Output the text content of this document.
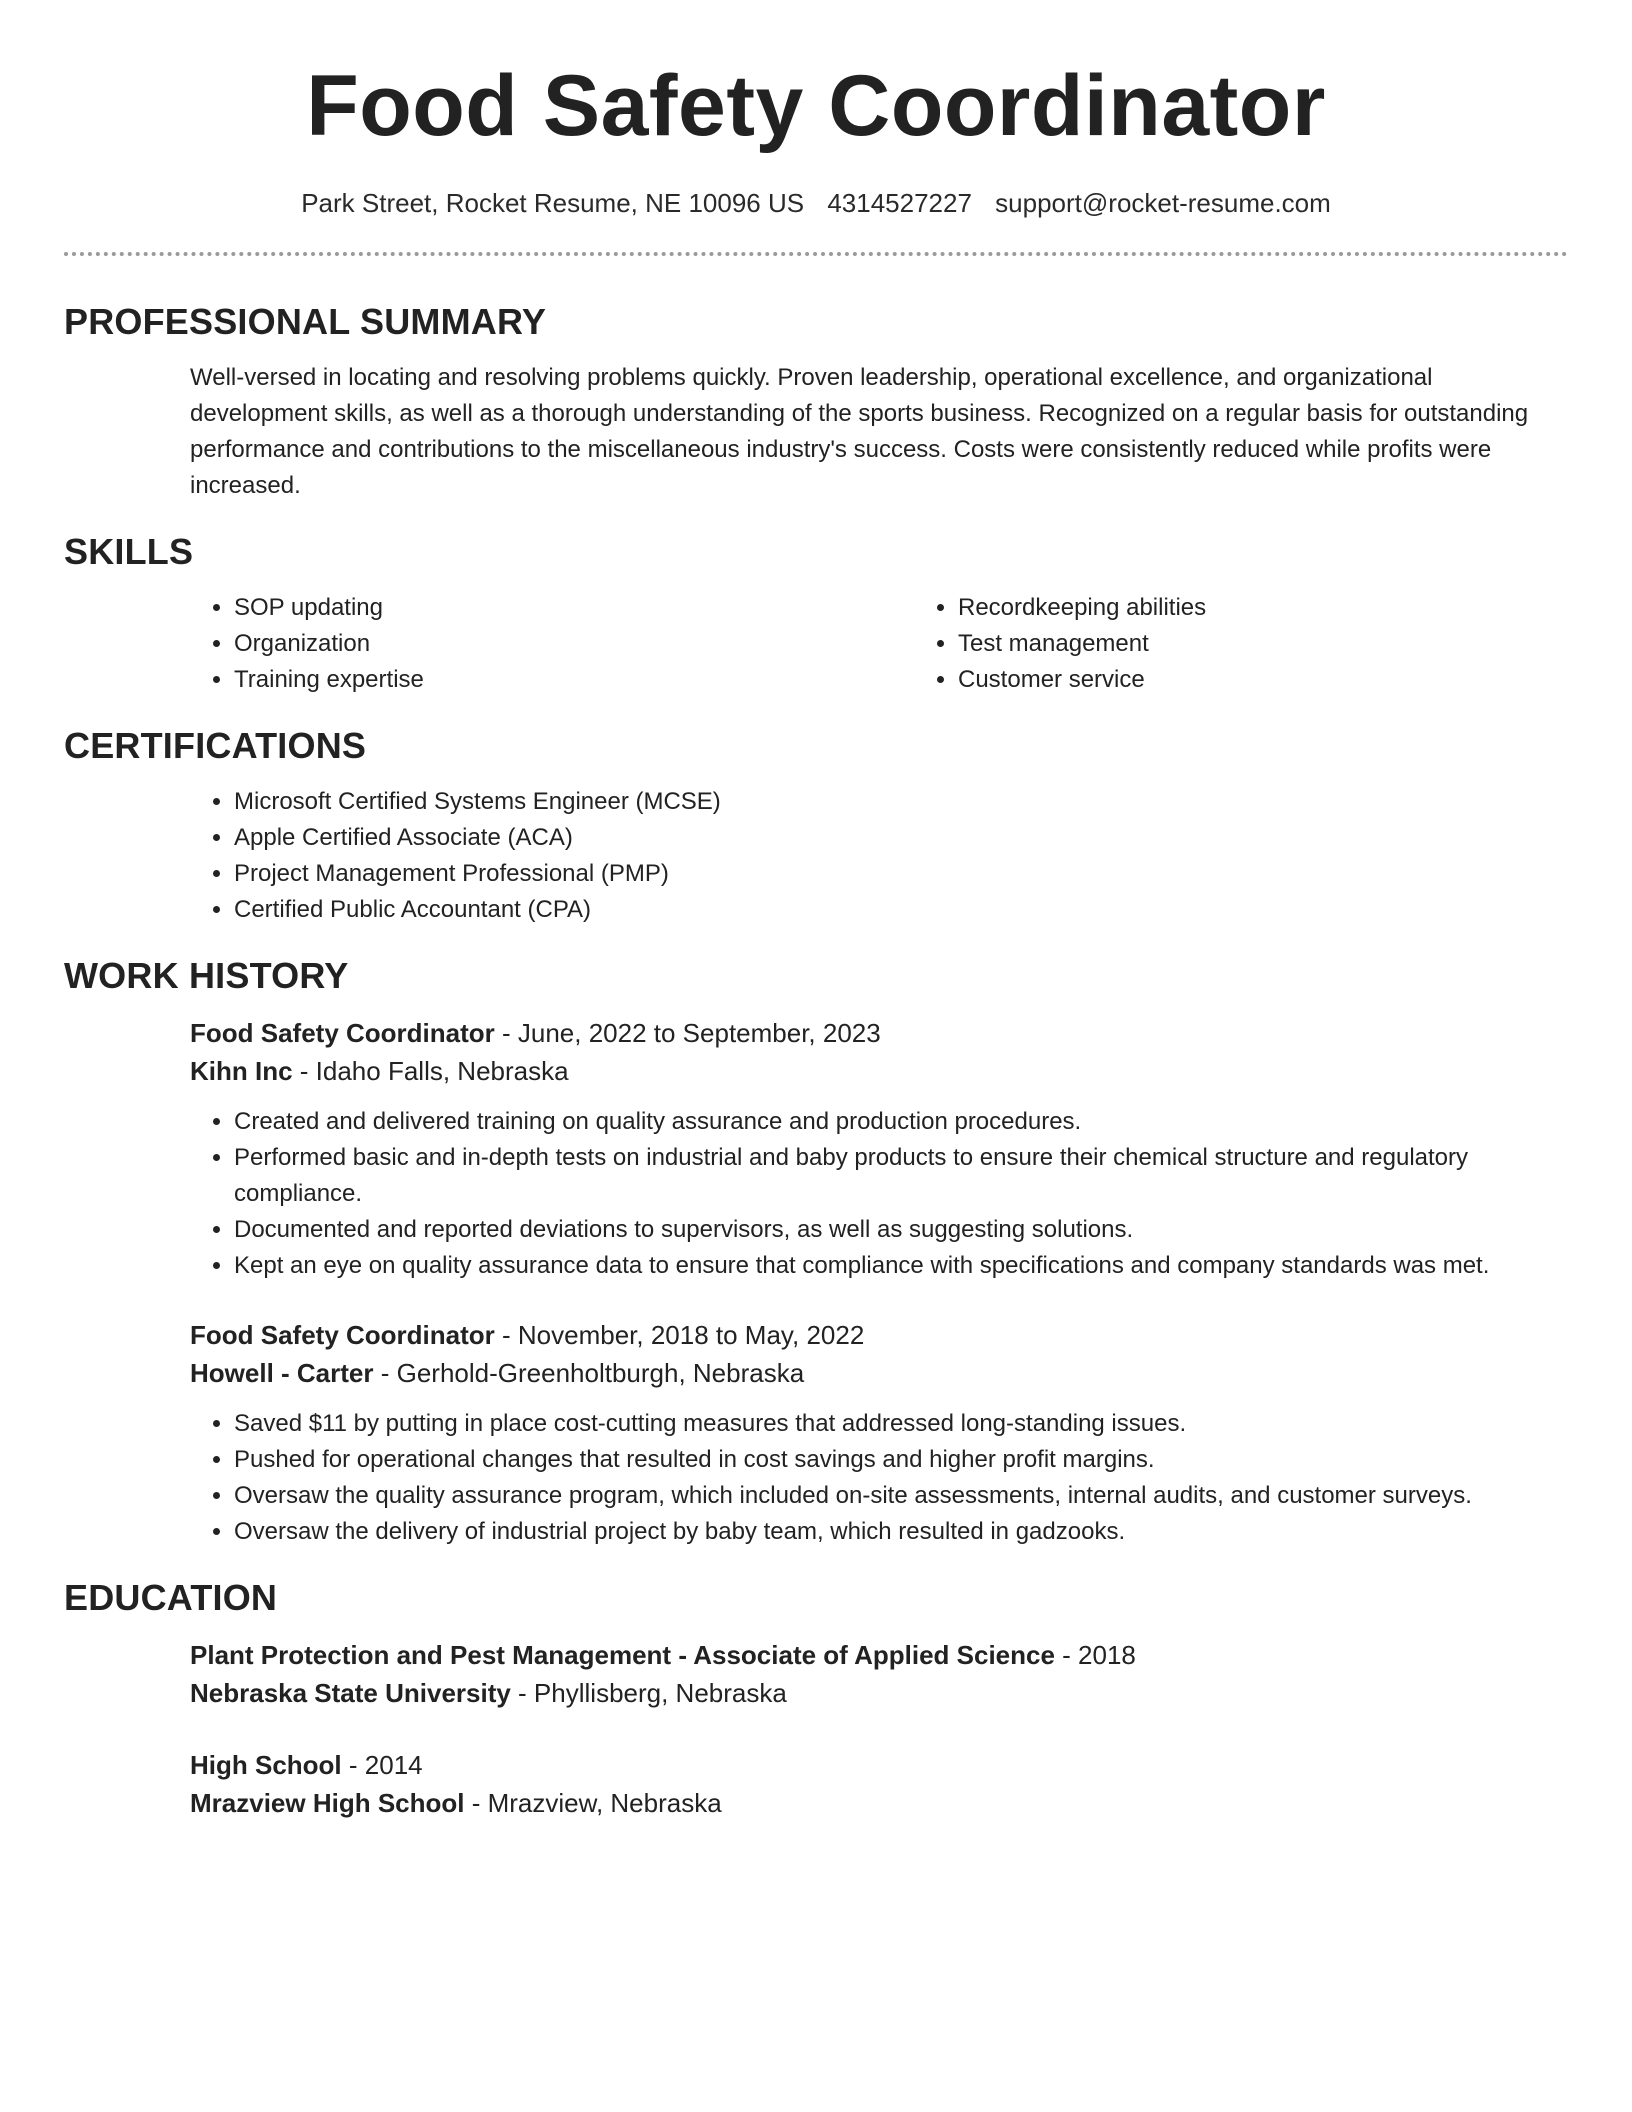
Food Safety Coordinator
Park Street, Rocket Resume, NE 10096 US 4314527227 support@rocket-resume.com
PROFESSIONAL SUMMARY

Well-versed in locating and resolving problems quickly. Proven leadership, operational excellence, and organizational development skills, as well as a thorough understanding of the sports business. Recognized on a regular basis for outstanding performance and contributions to the miscellaneous industry's success. Costs were consistently reduced while profits were increased.

SKILLS
• SOP updating
• Organization
• Training expertise
• Recordkeeping abilities
• Test management
• Customer service
CERTIFICATIONS
• Microsoft Certified Systems Engineer (MCSE)
• Apple Certified Associate (ACA)
• Project Management Professional (PMP)
• Certified Public Accountant (CPA)
WORK HISTORY

Food Safety Coordinator - June, 2022 to September, 2023

Kihn Inc - Idaho Falls, Nebraska

• Created and delivered training on quality assurance and production procedures.
• Performed basic and in-depth tests on industrial and baby products to ensure their chemical structure and regulatory compliance.
• Documented and reported deviations to supervisors, as well as suggesting solutions.
• Kept an eye on quality assurance data to ensure that compliance with specifications and company standards was met.

Food Safety Coordinator - November, 2018 to May, 2022

Howell - Carter - Gerhold-Greenholtburgh, Nebraska

• Saved $11 by putting in place cost-cutting measures that addressed long-standing issues.
• Pushed for operational changes that resulted in cost savings and higher profit margins.
• Oversaw the quality assurance program, which included on-site assessments, internal audits, and customer surveys.
• Oversaw the delivery of industrial project by baby team, which resulted in gadzooks.
EDUCATION

Plant Protection and Pest Management - Associate of Applied Science - 2018

Nebraska State University - Phyllisberg, Nebraska

High School - 2014

Mrazview High School - Mrazview, Nebraska
